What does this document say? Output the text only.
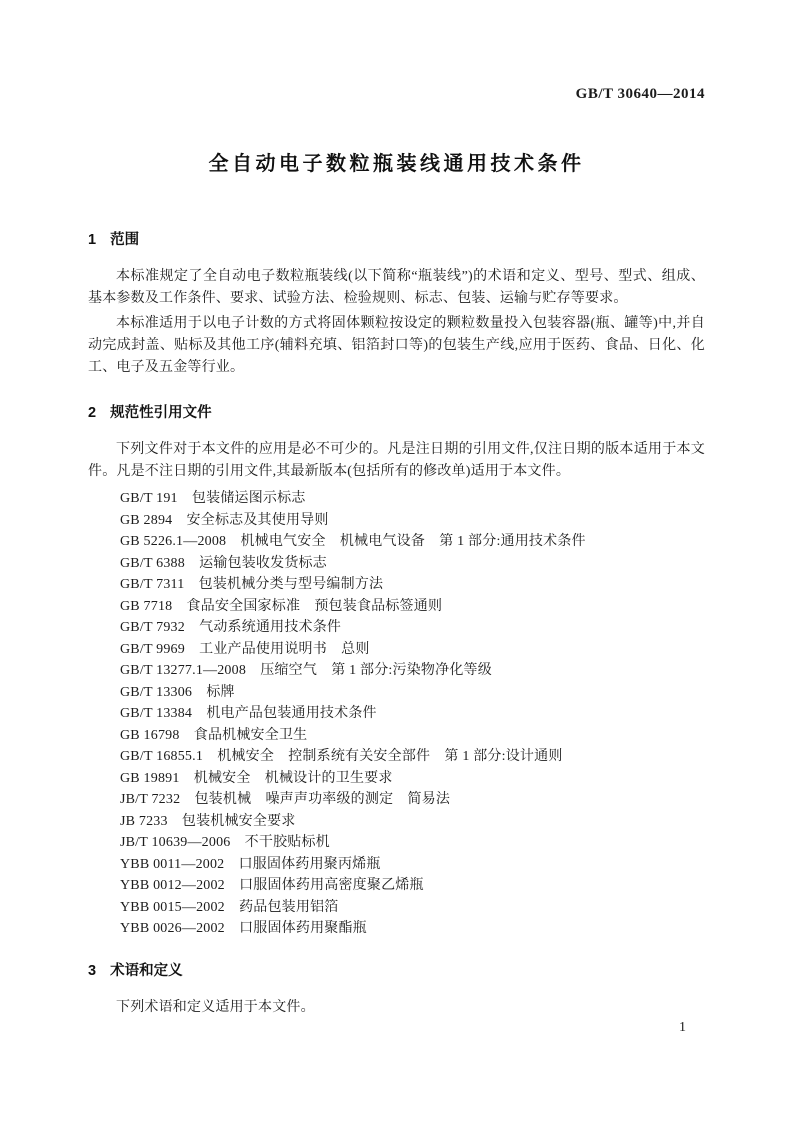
GB/T 30640—2014
全自动电子数粒瓶装线通用技术条件
1 范围

本标准规定了全自动电子数粒瓶装线(以下简称“瓶装线”)的术语和定义、型号、型式、组成、基本参数及工作条件、要求、试验方法、检验规则、标志、包装、运输与贮存等要求。

本标准适用于以电子计数的方式将固体颗粒按设定的颗粒数量投入包装容器(瓶、罐等)中,并自动完成封盖、贴标及其他工序(辅料充填、铝箔封口等)的包装生产线,应用于医药、食品、日化、化工、电子及五金等行业。

2 规范性引用文件

下列文件对于本文件的应用是必不可少的。凡是注日期的引用文件,仅注日期的版本适用于本文件。凡是不注日期的引用文件,其最新版本(包括所有的修改单)适用于本文件。

GB/T 191　包装储运图示标志
GB 2894　安全标志及其使用导则
GB 5226.1—2008　机械电气安全　机械电气设备　第 1 部分:通用技术条件
GB/T 6388　运输包装收发货标志
GB/T 7311　包装机械分类与型号编制方法
GB 7718　食品安全国家标准　预包装食品标签通则
GB/T 7932　气动系统通用技术条件
GB/T 9969　工业产品使用说明书　总则
GB/T 13277.1—2008　压缩空气　第 1 部分:污染物净化等级
GB/T 13306　标牌
GB/T 13384　机电产品包装通用技术条件
GB 16798　食品机械安全卫生
GB/T 16855.1　机械安全　控制系统有关安全部件　第 1 部分:设计通则
GB 19891　机械安全　机械设计的卫生要求
JB/T 7232　包装机械　噪声声功率级的测定　简易法
JB 7233　包装机械安全要求
JB/T 10639—2006　不干胶贴标机
YBB 0011—2002　口服固体药用聚丙烯瓶
YBB 0012—2002　口服固体药用高密度聚乙烯瓶
YBB 0015—2002　药品包装用铝箔
YBB 0026—2002　口服固体药用聚酯瓶
3 术语和定义

下列术语和定义适用于本文件。

1
